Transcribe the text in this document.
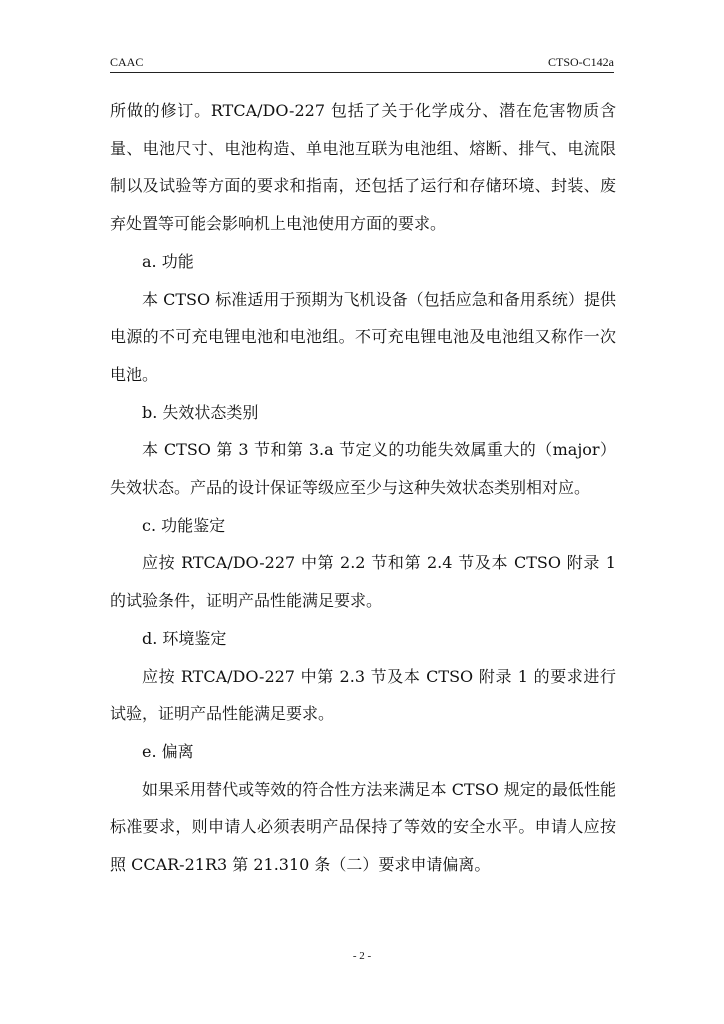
CAAC	CTSO-C142a

所做的修订。RTCA/DO-227 包括了关于化学成分、潜在危害物质含量、电池尺寸、电池构造、单电池互联为电池组、熔断、排气、电流限制以及试验等方面的要求和指南，还包括了运行和存储环境、封装、废弃处置等可能会影响机上电池使用方面的要求。

a. 功能

本 CTSO 标准适用于预期为飞机设备（包括应急和备用系统）提供电源的不可充电锂电池和电池组。不可充电锂电池及电池组又称作一次电池。

b. 失效状态类别

本 CTSO 第 3 节和第 3.a 节定义的功能失效属重大的（major）失效状态。产品的设计保证等级应至少与这种失效状态类别相对应。

c. 功能鉴定

应按 RTCA/DO-227 中第 2.2 节和第 2.4 节及本 CTSO 附录 1 的试验条件，证明产品性能满足要求。

d. 环境鉴定

应按 RTCA/DO-227 中第 2.3 节及本 CTSO 附录 1 的要求进行试验，证明产品性能满足要求。

e. 偏离

如果采用替代或等效的符合性方法来满足本 CTSO 规定的最低性能标准要求，则申请人必须表明产品保持了等效的安全水平。申请人应按照 CCAR-21R3 第 21.310 条（二）要求申请偏离。

- 2 -
